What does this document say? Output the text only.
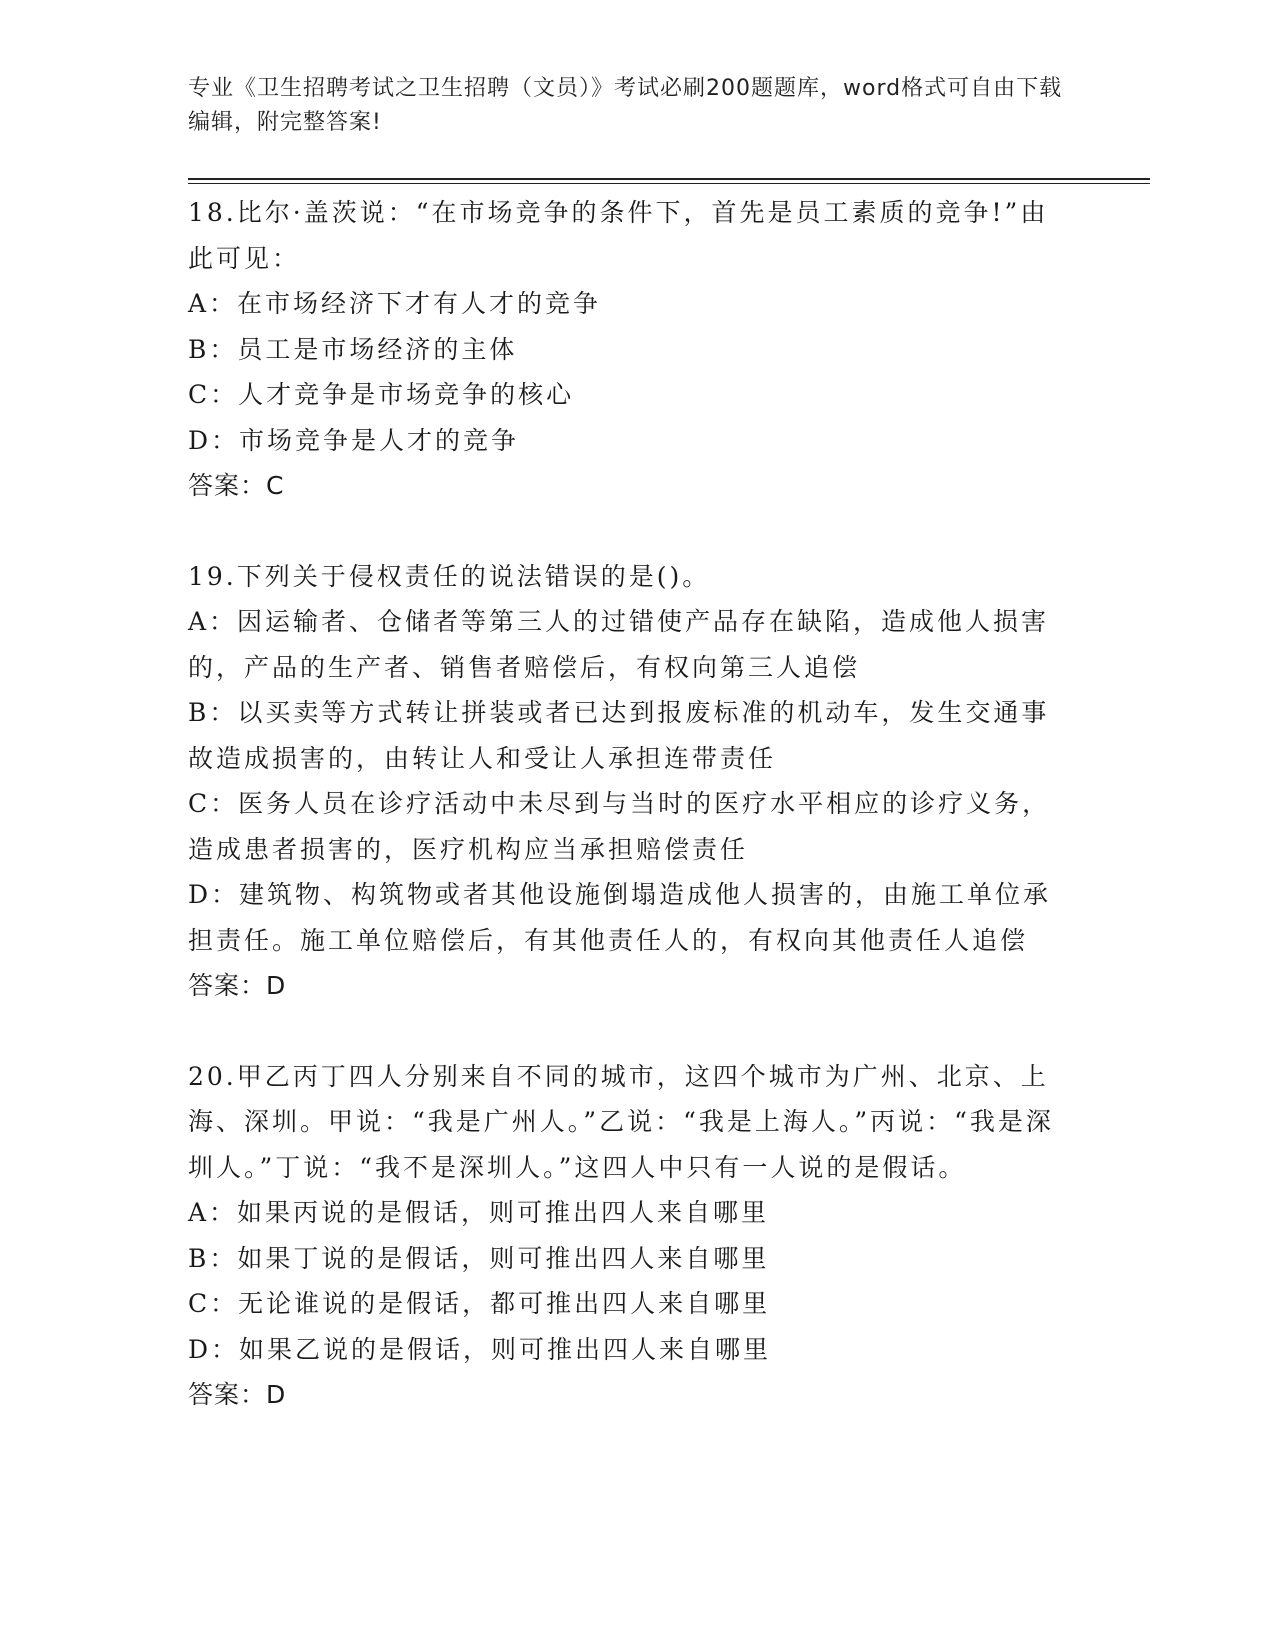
专业《卫生招聘考试之卫生招聘（文员）》考试必刷200题题库，word格式可自由下载编辑，附完整答案!

18.比尔·盖茨说：“在市场竞争的条件下，首先是员工素质的竞争!”由此可见：

A：在市场经济下才有人才的竞争

B：员工是市场经济的主体

C：人才竞争是市场竞争的核心

D：市场竞争是人才的竞争

答案：C

19.下列关于侵权责任的说法错误的是()。

A：因运输者、仓储者等第三人的过错使产品存在缺陷，造成他人损害的，产品的生产者、销售者赔偿后，有权向第三人追偿

B：以买卖等方式转让拼装或者已达到报废标准的机动车，发生交通事故造成损害的，由转让人和受让人承担连带责任

C：医务人员在诊疗活动中未尽到与当时的医疗水平相应的诊疗义务，造成患者损害的，医疗机构应当承担赔偿责任

D：建筑物、构筑物或者其他设施倒塌造成他人损害的，由施工单位承担责任。施工单位赔偿后，有其他责任人的，有权向其他责任人追偿

答案：D

20.甲乙丙丁四人分别来自不同的城市，这四个城市为广州、北京、上海、深圳。甲说：“我是广州人。”乙说：“我是上海人。”丙说：“我是深圳人。”丁说：“我不是深圳人。”这四人中只有一人说的是假话。

A：如果丙说的是假话，则可推出四人来自哪里

B：如果丁说的是假话，则可推出四人来自哪里

C：无论谁说的是假话，都可推出四人来自哪里

D：如果乙说的是假话，则可推出四人来自哪里

答案：D
